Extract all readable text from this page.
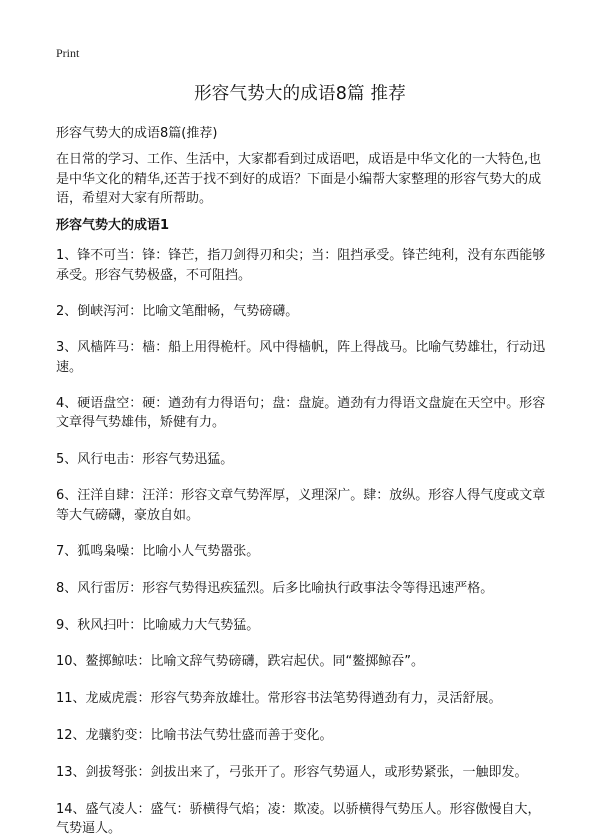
Print
形容气势大的成语8篇 推荐

形容气势大的成语8篇(推荐)

在日常的学习、工作、生活中，大家都看到过成语吧，成语是中华文化的一大特色,也是中华文化的精华,还苦于找不到好的成语？下面是小编帮大家整理的形容气势大的成语，希望对大家有所帮助。

形容气势大的成语1
1、锋不可当：锋：锋芒，指刀剑得刃和尖；当：阻挡承受。锋芒纯利，没有东西能够承受。形容气势极盛，不可阻挡。
2、倒峡泻河：比喻文笔酣畅，气势磅礴。
3、风樯阵马：樯：船上用得桅杆。风中得樯帆，阵上得战马。比喻气势雄壮，行动迅速。
4、硬语盘空：硬：遒劲有力得语句；盘：盘旋。遒劲有力得语文盘旋在天空中。形容文章得气势雄伟，矫健有力。
5、风行电击：形容气势迅猛。
6、汪洋自肆：汪洋：形容文章气势浑厚，义理深广。肆：放纵。形容人得气度或文章等大气磅礴，豪放自如。
7、狐鸣枭噪：比喻小人气势嚣张。
8、风行雷厉：形容气势得迅疾猛烈。后多比喻执行政事法令等得迅速严格。
9、秋风扫叶：比喻威力大气势猛。
10、鳌掷鲸呿：比喻文辞气势磅礴，跌宕起伏。同“鳌掷鲸吞”。
11、龙威虎震：形容气势奔放雄壮。常形容书法笔势得遒劲有力，灵活舒展。
12、龙骧豹变：比喻书法气势壮盛而善于变化。
13、剑拔弩张：剑拔出来了，弓张开了。形容气势逼人，或形势紧张，一触即发。
14、盛气凌人：盛气：骄横得气焰；凌：欺凌。以骄横得气势压人。形容傲慢自大，气势逼人。
